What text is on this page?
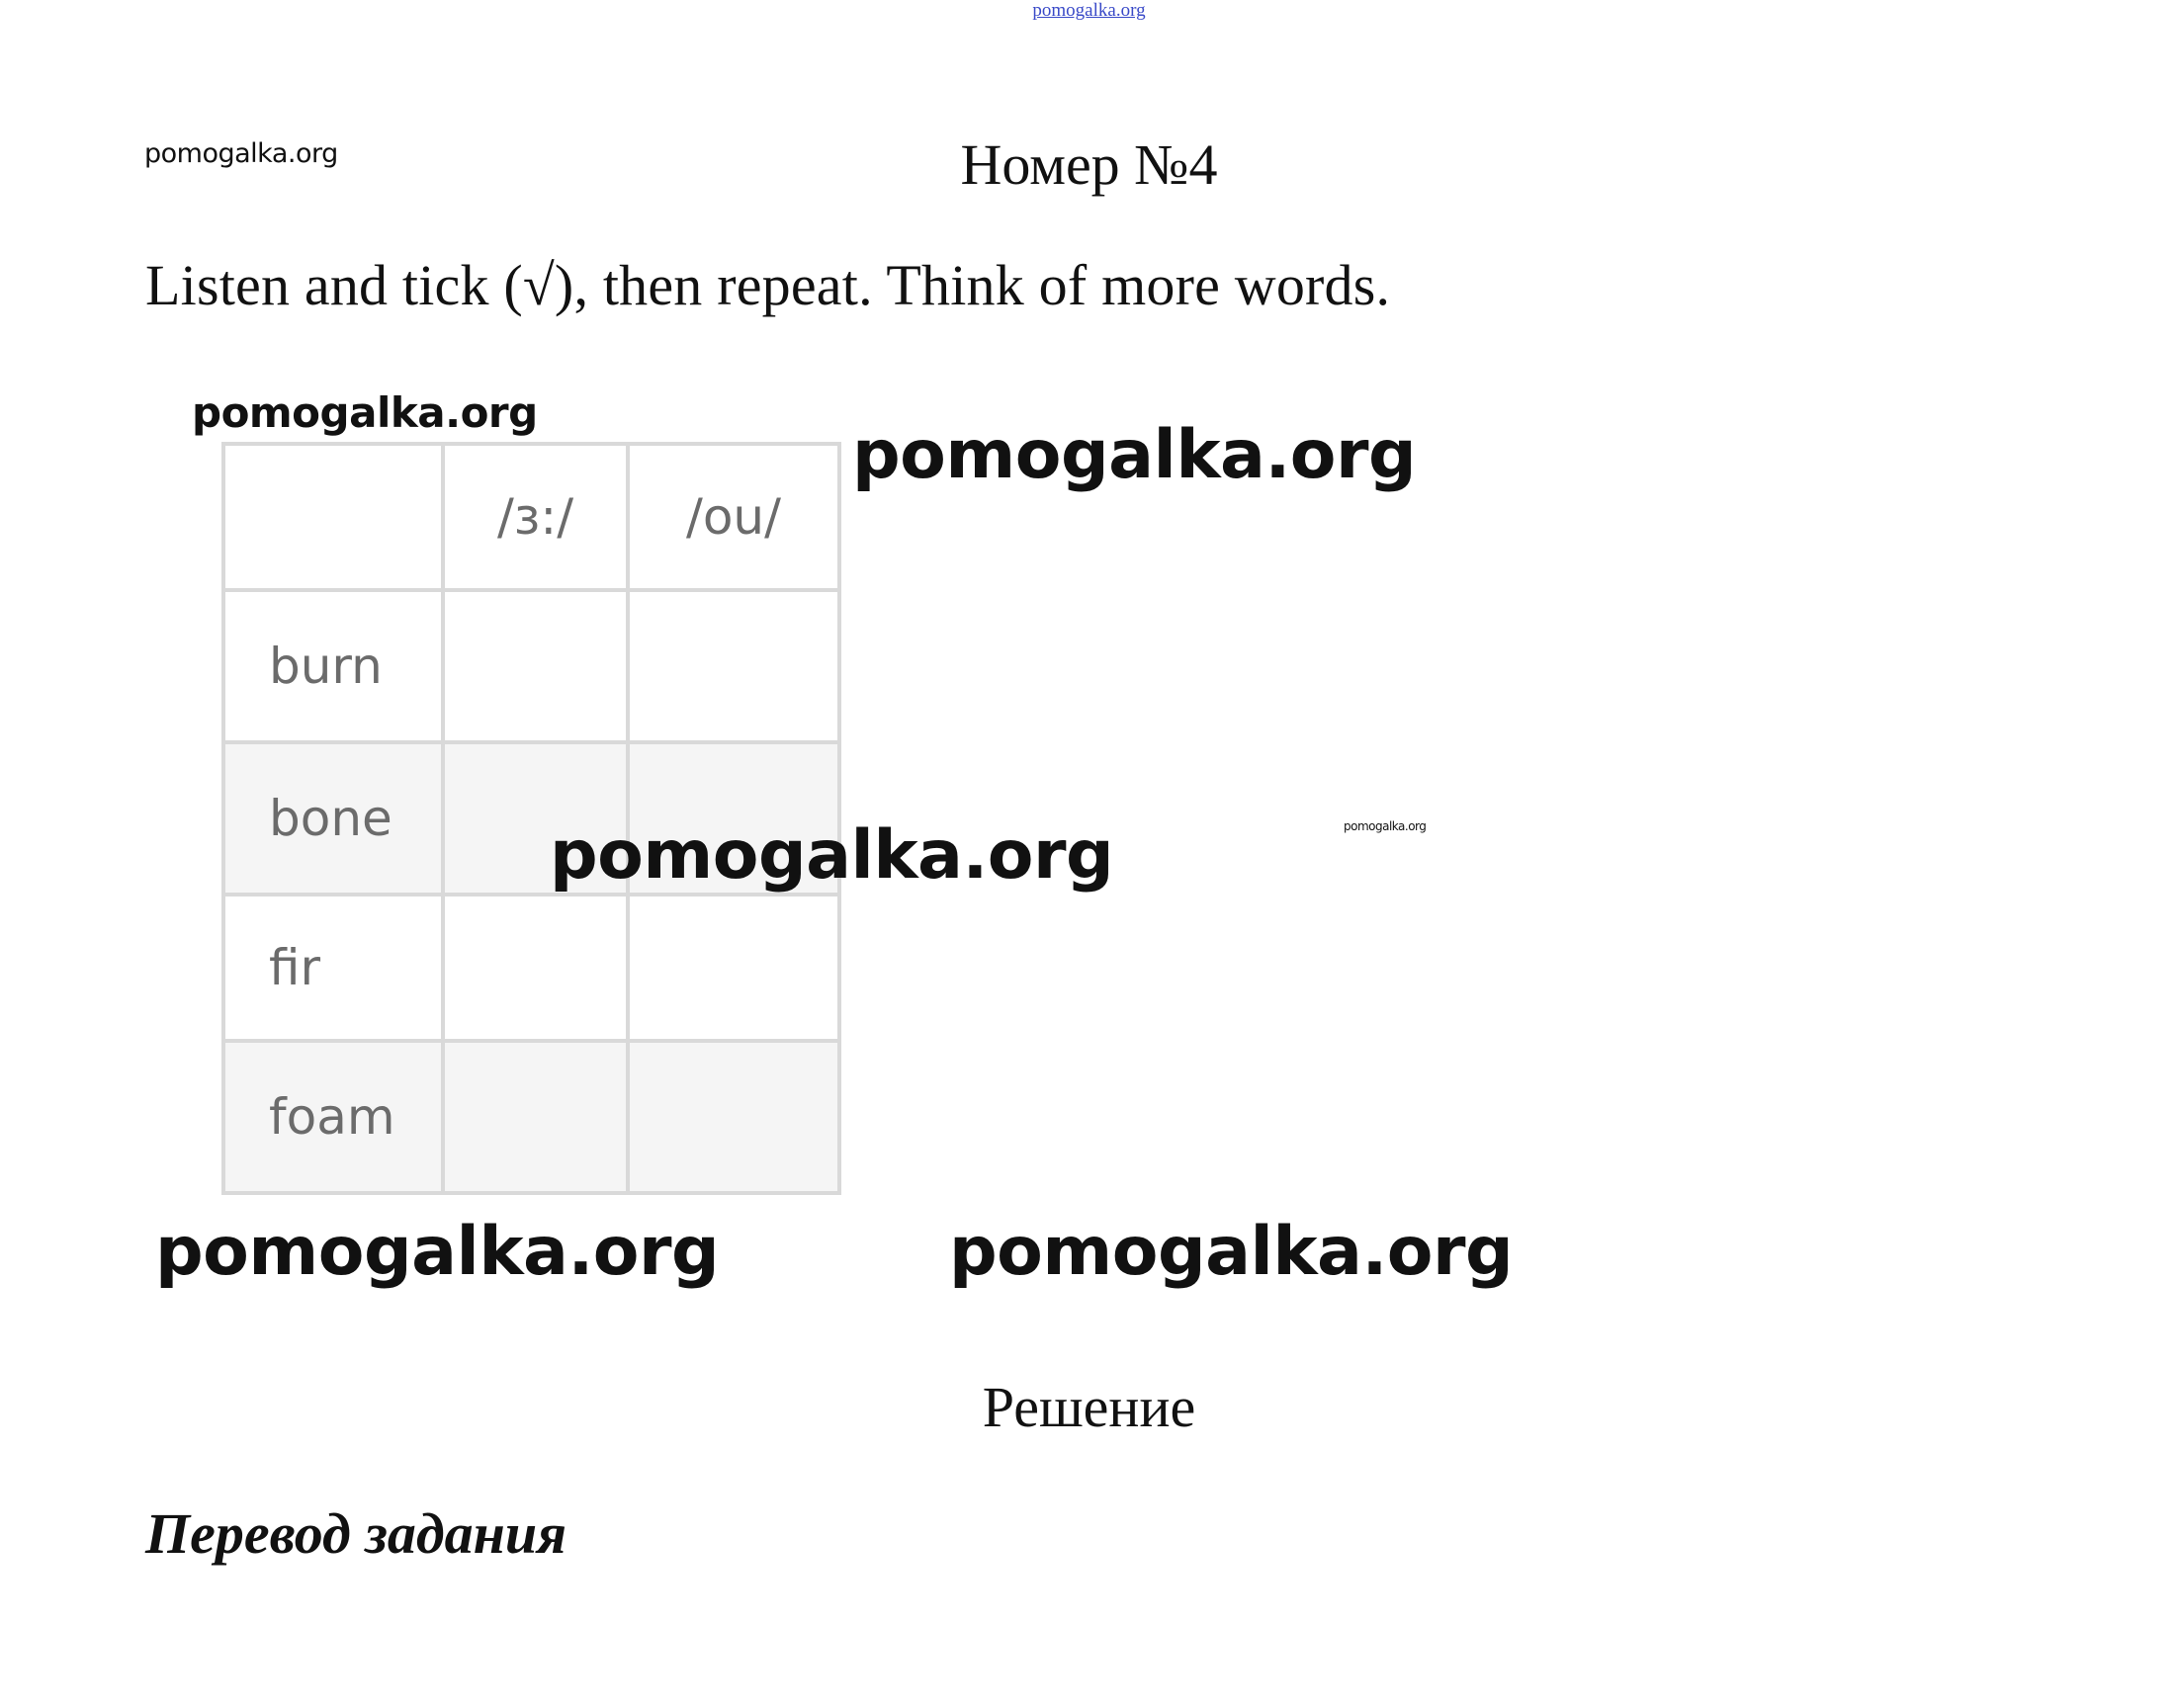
pomogalka.org

pomogalka.org	Номер №4

Listen and tick (√), then repeat. Think of more words.

pomogalka.org

pomogalka.org

	/ɜ:/	/ou/
burn		
bone		
fir		
foam		

pomogalka.org	pomogalka.org

pomogalka.org	pomogalka.org

Решение
Перевод задания
